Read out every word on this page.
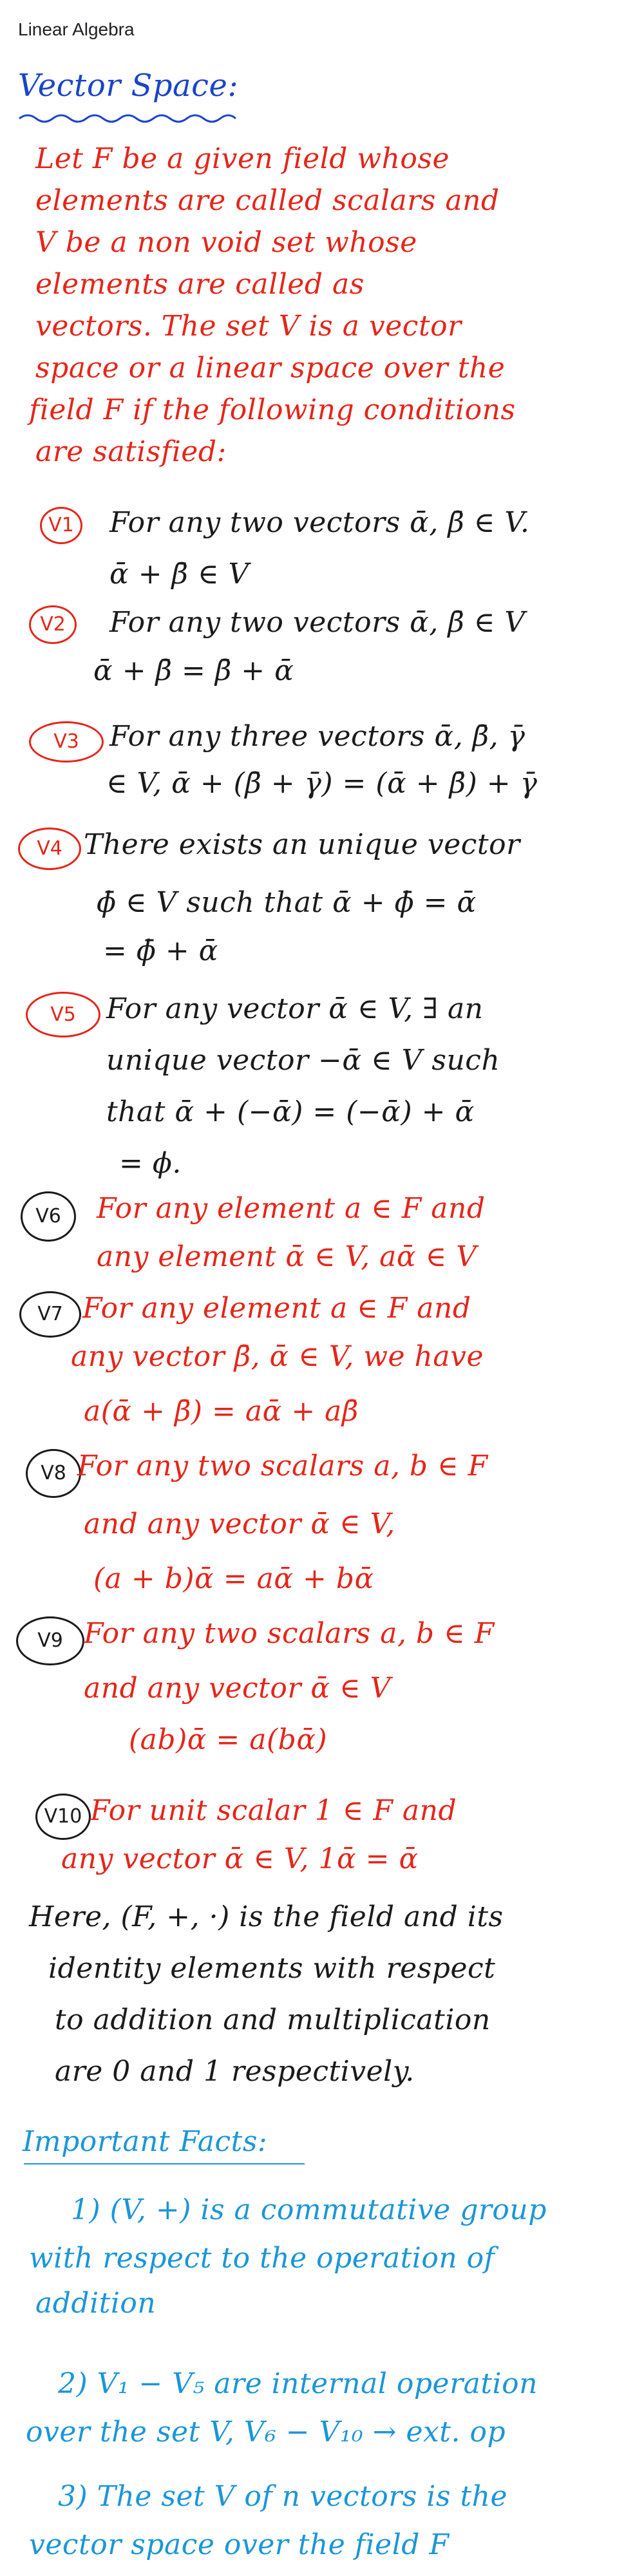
Linear Algebra
Vector Space:
Let F be a given field whose
elements are called scalars and
V be a non void set whose
elements are called as
vectors. The set V is a vector
space or a linear space over the
field F if the following conditions
are satisfied:
V1	For any two vectors ᾱ, β̄ ∈ V.
ᾱ + β̄ ∈ V
V2	For any two vectors ᾱ, β̄ ∈ V
ᾱ + β̄ = β̄ + ᾱ
V3	For any three vectors ᾱ, β̄, γ̄
∈ V, ᾱ + (β̄ + γ̄) = (ᾱ + β̄) + γ̄
V4 There exists an unique vector
ϕ̄ ∈ V such that ᾱ + ϕ̄ = ᾱ
= ϕ̄ + ᾱ
V5	For any vector ᾱ ∈ V, ∃ an
unique vector −ᾱ ∈ V such
that ᾱ + (−ᾱ) = (−ᾱ) + ᾱ
= ϕ.
V6	For any element a ∈ F and
any element ᾱ ∈ V, aᾱ ∈ V
V7 For any element a ∈ F and
any vector β̄, ᾱ ∈ V, we have
a(ᾱ + β̄) = aᾱ + aβ̄
V8 For any two scalars a, b ∈ F
and any vector ᾱ ∈ V,
(a + b)ᾱ = aᾱ + bᾱ
V9 For any two scalars a, b ∈ F
and any vector ᾱ ∈ V
(ab)ᾱ = a(bᾱ)
V10 For unit scalar 1 ∈ F and
any vector ᾱ ∈ V, 1ᾱ = ᾱ
Here, (F, +, ·) is the field and its
identity elements with respect
to addition and multiplication
are 0 and 1 respectively.
Important Facts:
1) (V, +) is a commutative group
with respect to the operation of
addition
2) V₁ − V₅ are internal operation
over the set V, V₆ − V₁₀ → ext. op
3) The set V of n vectors is the
vector space over the field F
